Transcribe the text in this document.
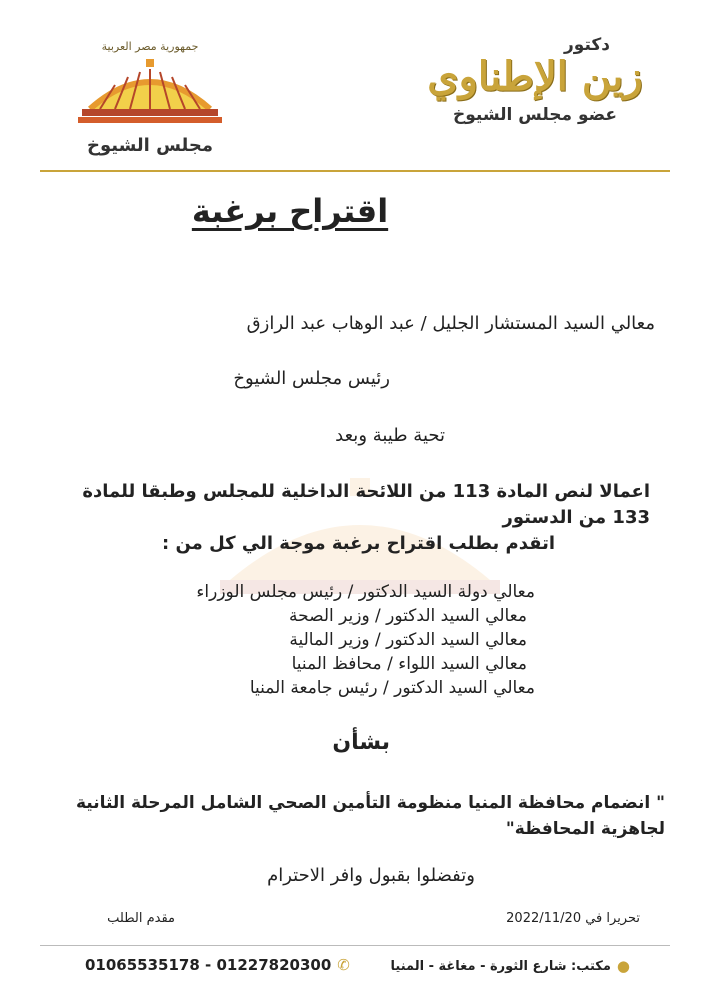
جمهورية مصر العربية
مجلس الشيوخ
دكتور
زين الإطناوي
عضو مجلس الشيوخ
اقتراح برغبة
معالي السيد المستشار الجليل / عبد الوهاب عبد الرازق
رئيس مجلس الشيوخ
تحية طيبة وبعد
اعمالا لنص المادة 113 من اللائحة الداخلية للمجلس وطبقا للمادة 133 من الدستور
اتقدم بطلب اقتراح برغبة موجة الي كل من :
معالي دولة السيد الدكتور / رئيس مجلس الوزراء
معالي السيد الدكتور / وزير الصحة
معالي السيد الدكتور / وزير المالية
معالي السيد اللواء / محافظ المنيا
معالي السيد الدكتور / رئيس جامعة المنيا
بشأن
" انضمام محافظة المنيا منظومة التأمين الصحي الشامل المرحلة الثانية لجاهزية المحافظة"
وتفضلوا بقبول وافر الاحترام
تحريرا في 2022/11/20
مقدم الطلب
●
مكتب: شارع الثورة - مغاغة - المنيا
01065535178 - 01227820300 ✆
